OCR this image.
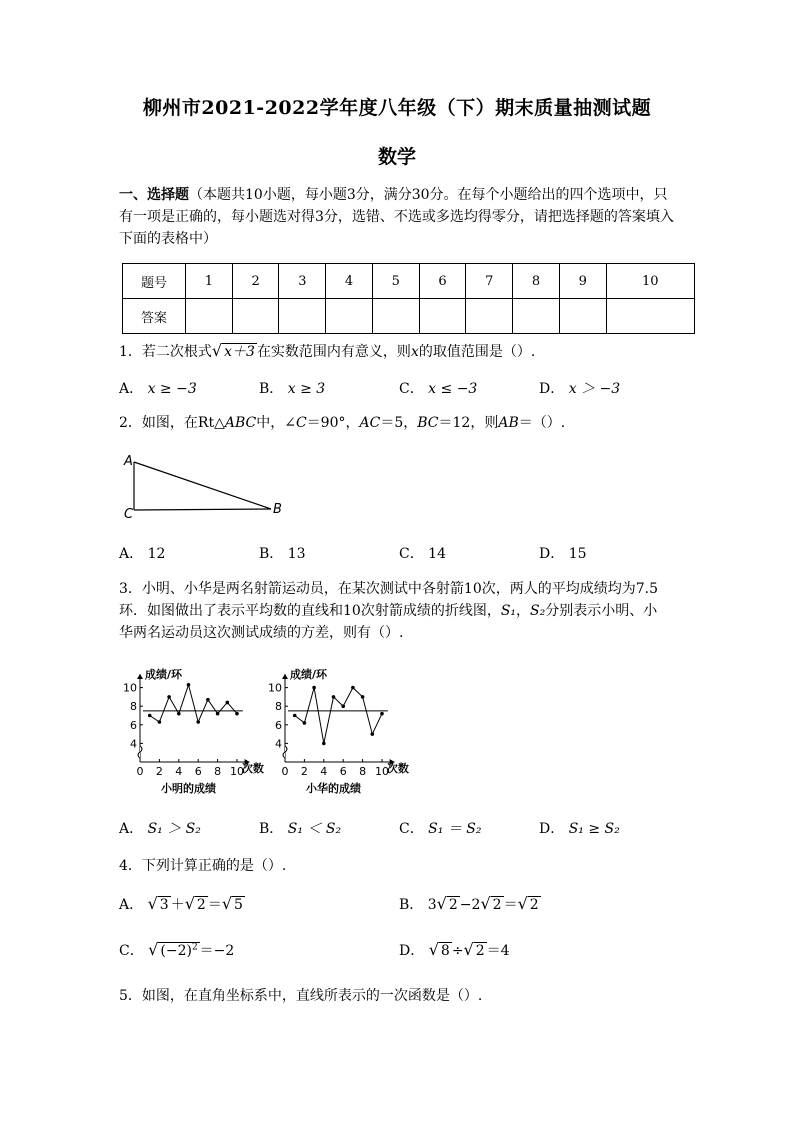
柳州市2021-2022学年度八年级（下）期末质量抽测试题
数学
一、选择题（本题共10小题，每小题3分，满分30分。在每个小题给出的四个选项中，只
有一项是正确的，每小题选对得3分，选错、不选或多选均得零分，请把选择题的答案填入
下面的表格中）
题号	1	2	3	4	5	6	7	8	9	10
答案										
1．若二次根式√ x＋3 在实数范围内有意义，则x的取值范围是（）.
A． x ≥ −3	B． x ≥ 3	C． x ≤ −3	D． x ＞ −3
2．如图，在Rt△ABC中，∠C＝90°，AC＝5，BC＝12，则AB＝（）.
A
C	B
A． 12	B． 13	C． 14	D． 15
3．小明、小华是两名射箭运动员，在某次测试中各射箭10次，两人的平均成绩均为7.5
环．如图做出了表示平均数的直线和10次射箭成绩的折线图，S₁，S₂分别表示小明、小
华两名运动员这次测试成绩的方差，则有（）.
4
6
8
10
0 2 4 6 8 10
成绩/环
次数
小明的成绩
4
6
8
10
0 2 4 6 8 10
成绩/环
次数
小华的成绩
A． S₁ ＞ S₂	B． S₁ ＜ S₂	C． S₁ ＝ S₂	D． S₁ ≥ S₂
4．下列计算正确的是（）.
A． √ 3 ＋√ 2 ＝√ 5	B． 3√ 2 −2√ 2 ＝√ 2
C． √ $(-2)^2 =-2$	D． √ 8 ÷√ 2 ＝4
5．如图，在直角坐标系中，直线所表示的一次函数是（）.
